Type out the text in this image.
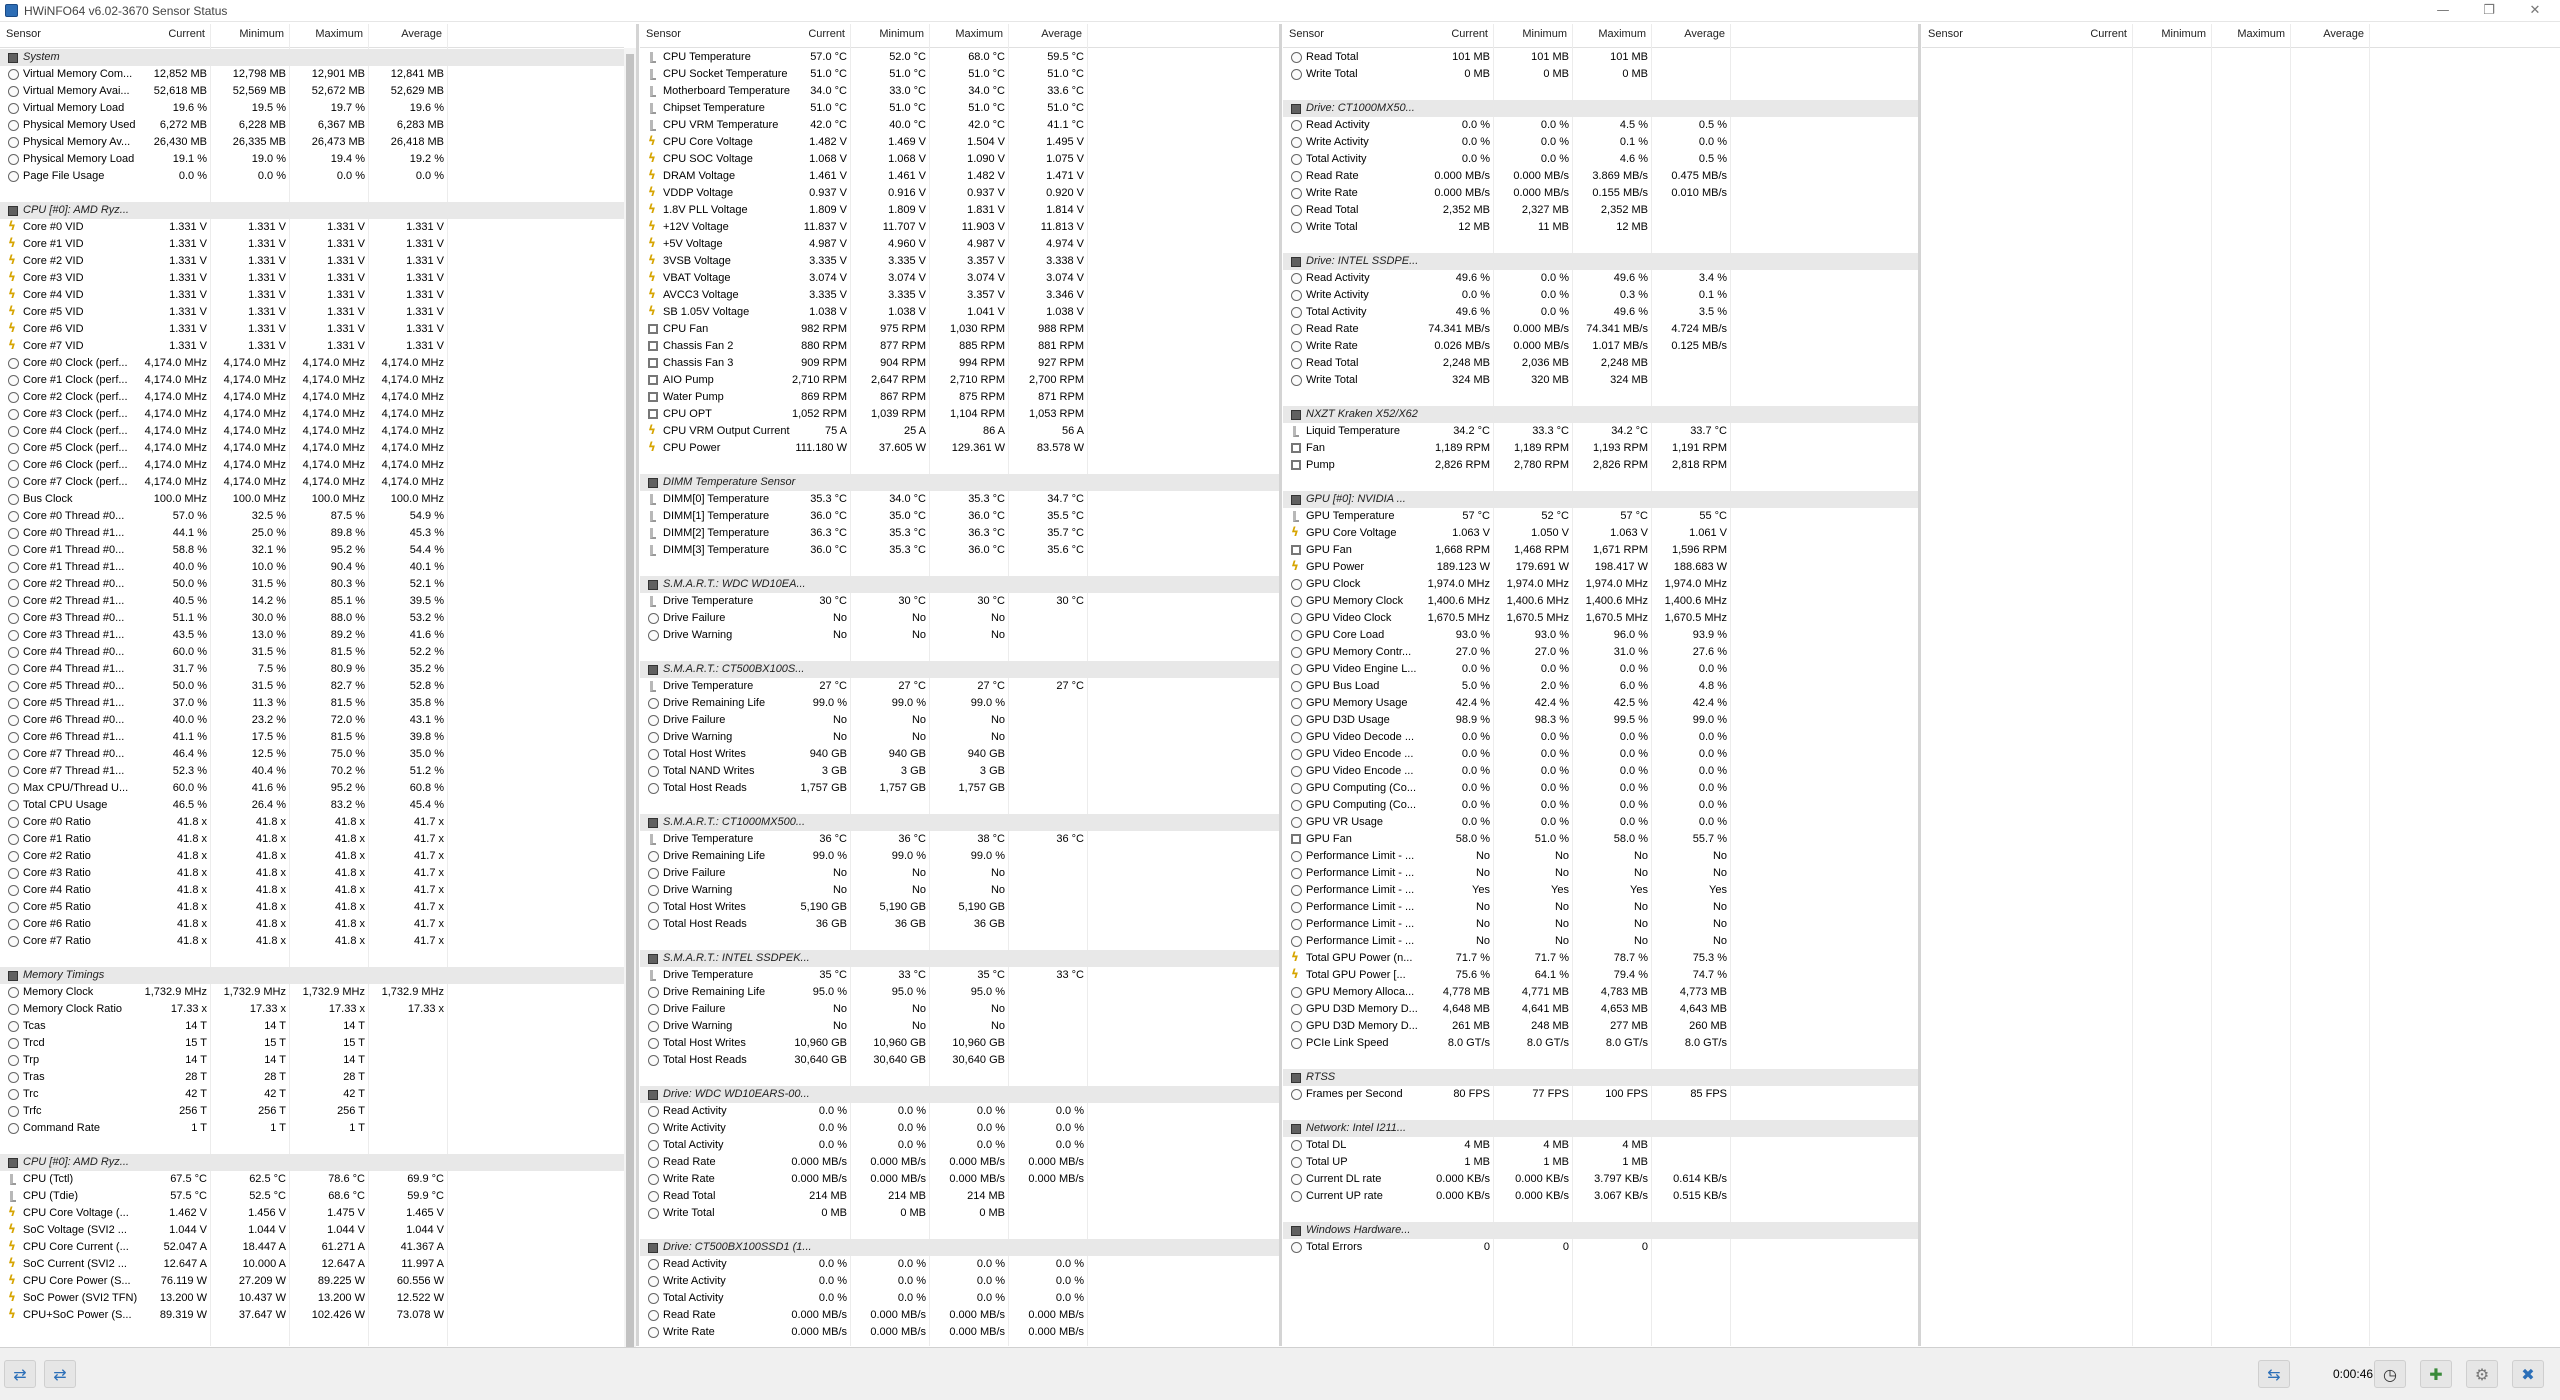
HWiNFO64 v6.02-3670 Sensor Status	—	❐	✕
Sensor	Current	Minimum	Maximum	Average
System
Virtual Memory Com...	12,852 MB	12,798 MB	12,901 MB	12,841 MB
Virtual Memory Avai...	52,618 MB	52,569 MB	52,672 MB	52,629 MB
Virtual Memory Load	19.6 %	19.5 %	19.7 %	19.6 %
Physical Memory Used	6,272 MB	6,228 MB	6,367 MB	6,283 MB
Physical Memory Av...	26,430 MB	26,335 MB	26,473 MB	26,418 MB
Physical Memory Load	19.1 %	19.0 %	19.4 %	19.2 %
Page File Usage	0.0 %	0.0 %	0.0 %	0.0 %
CPU [#0]: AMD Ryz...
ϟ Core #0 VID	1.331 V	1.331 V	1.331 V	1.331 V
ϟ Core #1 VID	1.331 V	1.331 V	1.331 V	1.331 V
ϟ Core #2 VID	1.331 V	1.331 V	1.331 V	1.331 V
ϟ Core #3 VID	1.331 V	1.331 V	1.331 V	1.331 V
ϟ Core #4 VID	1.331 V	1.331 V	1.331 V	1.331 V
ϟ Core #5 VID	1.331 V	1.331 V	1.331 V	1.331 V
ϟ Core #6 VID	1.331 V	1.331 V	1.331 V	1.331 V
ϟ Core #7 VID	1.331 V	1.331 V	1.331 V	1.331 V
Core #0 Clock (perf...	4,174.0 MHz	4,174.0 MHz	4,174.0 MHz	4,174.0 MHz
Core #1 Clock (perf...	4,174.0 MHz	4,174.0 MHz	4,174.0 MHz	4,174.0 MHz
Core #2 Clock (perf...	4,174.0 MHz	4,174.0 MHz	4,174.0 MHz	4,174.0 MHz
Core #3 Clock (perf...	4,174.0 MHz	4,174.0 MHz	4,174.0 MHz	4,174.0 MHz
Core #4 Clock (perf...	4,174.0 MHz	4,174.0 MHz	4,174.0 MHz	4,174.0 MHz
Core #5 Clock (perf...	4,174.0 MHz	4,174.0 MHz	4,174.0 MHz	4,174.0 MHz
Core #6 Clock (perf...	4,174.0 MHz	4,174.0 MHz	4,174.0 MHz	4,174.0 MHz
Core #7 Clock (perf...	4,174.0 MHz	4,174.0 MHz	4,174.0 MHz	4,174.0 MHz
Bus Clock	100.0 MHz	100.0 MHz	100.0 MHz	100.0 MHz
Core #0 Thread #0...	57.0 %	32.5 %	87.5 %	54.9 %
Core #0 Thread #1...	44.1 %	25.0 %	89.8 %	45.3 %
Core #1 Thread #0...	58.8 %	32.1 %	95.2 %	54.4 %
Core #1 Thread #1...	40.0 %	10.0 %	90.4 %	40.1 %
Core #2 Thread #0...	50.0 %	31.5 %	80.3 %	52.1 %
Core #2 Thread #1...	40.5 %	14.2 %	85.1 %	39.5 %
Core #3 Thread #0...	51.1 %	30.0 %	88.0 %	53.2 %
Core #3 Thread #1...	43.5 %	13.0 %	89.2 %	41.6 %
Core #4 Thread #0...	60.0 %	31.5 %	81.5 %	52.2 %
Core #4 Thread #1...	31.7 %	7.5 %	80.9 %	35.2 %
Core #5 Thread #0...	50.0 %	31.5 %	82.7 %	52.8 %
Core #5 Thread #1...	37.0 %	11.3 %	81.5 %	35.8 %
Core #6 Thread #0...	40.0 %	23.2 %	72.0 %	43.1 %
Core #6 Thread #1...	41.1 %	17.5 %	81.5 %	39.8 %
Core #7 Thread #0...	46.4 %	12.5 %	75.0 %	35.0 %
Core #7 Thread #1...	52.3 %	40.4 %	70.2 %	51.2 %
Max CPU/Thread U...	60.0 %	41.6 %	95.2 %	60.8 %
Total CPU Usage	46.5 %	26.4 %	83.2 %	45.4 %
Core #0 Ratio	41.8 x	41.8 x	41.8 x	41.7 x
Core #1 Ratio	41.8 x	41.8 x	41.8 x	41.7 x
Core #2 Ratio	41.8 x	41.8 x	41.8 x	41.7 x
Core #3 Ratio	41.8 x	41.8 x	41.8 x	41.7 x
Core #4 Ratio	41.8 x	41.8 x	41.8 x	41.7 x
Core #5 Ratio	41.8 x	41.8 x	41.8 x	41.7 x
Core #6 Ratio	41.8 x	41.8 x	41.8 x	41.7 x
Core #7 Ratio	41.8 x	41.8 x	41.8 x	41.7 x
Memory Timings
Memory Clock	1,732.9 MHz	1,732.9 MHz	1,732.9 MHz	1,732.9 MHz
Memory Clock Ratio	17.33 x	17.33 x	17.33 x	17.33 x
Tcas	14 T	14 T	14 T
Trcd	15 T	15 T	15 T
Trp	14 T	14 T	14 T
Tras	28 T	28 T	28 T
Trc	42 T	42 T	42 T
Trfc	256 T	256 T	256 T
Command Rate	1 T	1 T	1 T
CPU [#0]: AMD Ryz...
CPU (Tctl)	67.5 °C	62.5 °C	78.6 °C	69.9 °C
CPU (Tdie)	57.5 °C	52.5 °C	68.6 °C	59.9 °C
ϟ CPU Core Voltage (...	1.462 V	1.456 V	1.475 V	1.465 V
ϟ SoC Voltage (SVI2 ...	1.044 V	1.044 V	1.044 V	1.044 V
ϟ CPU Core Current (...	52.047 A	18.447 A	61.271 A	41.367 A
ϟ SoC Current (SVI2 ...	12.647 A	10.000 A	12.647 A	11.997 A
ϟ CPU Core Power (S...	76.119 W	27.209 W	89.225 W	60.556 W
ϟ SoC Power (SVI2 TFN)	13.200 W	10.437 W	13.200 W	12.522 W
ϟ CPU+SoC Power (S...	89.319 W	37.647 W	102.426 W	73.078 W
Sensor	Current	Minimum	Maximum	Average
CPU Temperature	57.0 °C	52.0 °C	68.0 °C	59.5 °C
CPU Socket Temperature	51.0 °C	51.0 °C	51.0 °C	51.0 °C
Motherboard Temperature	34.0 °C	33.0 °C	34.0 °C	33.6 °C
Chipset Temperature	51.0 °C	51.0 °C	51.0 °C	51.0 °C
CPU VRM Temperature	42.0 °C	40.0 °C	42.0 °C	41.1 °C
ϟ CPU Core Voltage	1.482 V	1.469 V	1.504 V	1.495 V
ϟ CPU SOC Voltage	1.068 V	1.068 V	1.090 V	1.075 V
ϟ DRAM Voltage	1.461 V	1.461 V	1.482 V	1.471 V
ϟ VDDP Voltage	0.937 V	0.916 V	0.937 V	0.920 V
ϟ 1.8V PLL Voltage	1.809 V	1.809 V	1.831 V	1.814 V
ϟ +12V Voltage	11.837 V	11.707 V	11.903 V	11.813 V
ϟ +5V Voltage	4.987 V	4.960 V	4.987 V	4.974 V
ϟ 3VSB Voltage	3.335 V	3.335 V	3.357 V	3.338 V
ϟ VBAT Voltage	3.074 V	3.074 V	3.074 V	3.074 V
ϟ AVCC3 Voltage	3.335 V	3.335 V	3.357 V	3.346 V
ϟ SB 1.05V Voltage	1.038 V	1.038 V	1.041 V	1.038 V
CPU Fan	982 RPM	975 RPM	1,030 RPM	988 RPM
Chassis Fan 2	880 RPM	877 RPM	885 RPM	881 RPM
Chassis Fan 3	909 RPM	904 RPM	994 RPM	927 RPM
AIO Pump	2,710 RPM	2,647 RPM	2,710 RPM	2,700 RPM
Water Pump	869 RPM	867 RPM	875 RPM	871 RPM
CPU OPT	1,052 RPM	1,039 RPM	1,104 RPM	1,053 RPM
ϟ CPU VRM Output Current	75 A	25 A	86 A	56 A
ϟ CPU Power	111.180 W	37.605 W	129.361 W	83.578 W
DIMM Temperature Sensor
DIMM[0] Temperature	35.3 °C	34.0 °C	35.3 °C	34.7 °C
DIMM[1] Temperature	36.0 °C	35.0 °C	36.0 °C	35.5 °C
DIMM[2] Temperature	36.3 °C	35.3 °C	36.3 °C	35.7 °C
DIMM[3] Temperature	36.0 °C	35.3 °C	36.0 °C	35.6 °C
S.M.A.R.T.: WDC WD10EA...
Drive Temperature	30 °C	30 °C	30 °C	30 °C
Drive Failure	No	No	No
Drive Warning	No	No	No
S.M.A.R.T.: CT500BX100S...
Drive Temperature	27 °C	27 °C	27 °C	27 °C
Drive Remaining Life	99.0 %	99.0 %	99.0 %
Drive Failure	No	No	No
Drive Warning	No	No	No
Total Host Writes	940 GB	940 GB	940 GB
Total NAND Writes	3 GB	3 GB	3 GB
Total Host Reads	1,757 GB	1,757 GB	1,757 GB
S.M.A.R.T.: CT1000MX500...
Drive Temperature	36 °C	36 °C	38 °C	36 °C
Drive Remaining Life	99.0 %	99.0 %	99.0 %
Drive Failure	No	No	No
Drive Warning	No	No	No
Total Host Writes	5,190 GB	5,190 GB	5,190 GB
Total Host Reads	36 GB	36 GB	36 GB
S.M.A.R.T.: INTEL SSDPEK...
Drive Temperature	35 °C	33 °C	35 °C	33 °C
Drive Remaining Life	95.0 %	95.0 %	95.0 %
Drive Failure	No	No	No
Drive Warning	No	No	No
Total Host Writes	10,960 GB	10,960 GB	10,960 GB
Total Host Reads	30,640 GB	30,640 GB	30,640 GB
Drive: WDC WD10EARS-00...
Read Activity	0.0 %	0.0 %	0.0 %	0.0 %
Write Activity	0.0 %	0.0 %	0.0 %	0.0 %
Total Activity	0.0 %	0.0 %	0.0 %	0.0 %
Read Rate	0.000 MB/s	0.000 MB/s	0.000 MB/s	0.000 MB/s
Write Rate	0.000 MB/s	0.000 MB/s	0.000 MB/s	0.000 MB/s
Read Total	214 MB	214 MB	214 MB
Write Total	0 MB	0 MB	0 MB
Drive: CT500BX100SSD1 (1...
Read Activity	0.0 %	0.0 %	0.0 %	0.0 %
Write Activity	0.0 %	0.0 %	0.0 %	0.0 %
Total Activity	0.0 %	0.0 %	0.0 %	0.0 %
Read Rate	0.000 MB/s	0.000 MB/s	0.000 MB/s	0.000 MB/s
Write Rate	0.000 MB/s	0.000 MB/s	0.000 MB/s	0.000 MB/s
Sensor	Current	Minimum	Maximum	Average
Read Total	101 MB	101 MB	101 MB
Write Total	0 MB	0 MB	0 MB
Drive: CT1000MX50...
Read Activity	0.0 %	0.0 %	4.5 %	0.5 %
Write Activity	0.0 %	0.0 %	0.1 %	0.0 %
Total Activity	0.0 %	0.0 %	4.6 %	0.5 %
Read Rate	0.000 MB/s	0.000 MB/s	3.869 MB/s	0.475 MB/s
Write Rate	0.000 MB/s	0.000 MB/s	0.155 MB/s	0.010 MB/s
Read Total	2,352 MB	2,327 MB	2,352 MB
Write Total	12 MB	11 MB	12 MB
Drive: INTEL SSDPE...
Read Activity	49.6 %	0.0 %	49.6 %	3.4 %
Write Activity	0.0 %	0.0 %	0.3 %	0.1 %
Total Activity	49.6 %	0.0 %	49.6 %	3.5 %
Read Rate	74.341 MB/s	0.000 MB/s	74.341 MB/s	4.724 MB/s
Write Rate	0.026 MB/s	0.000 MB/s	1.017 MB/s	0.125 MB/s
Read Total	2,248 MB	2,036 MB	2,248 MB
Write Total	324 MB	320 MB	324 MB
NXZT Kraken X52/X62
Liquid Temperature	34.2 °C	33.3 °C	34.2 °C	33.7 °C
Fan	1,189 RPM	1,189 RPM	1,193 RPM	1,191 RPM
Pump	2,826 RPM	2,780 RPM	2,826 RPM	2,818 RPM
GPU [#0]: NVIDIA ...
GPU Temperature	57 °C	52 °C	57 °C	55 °C
ϟ GPU Core Voltage	1.063 V	1.050 V	1.063 V	1.061 V
GPU Fan	1,668 RPM	1,468 RPM	1,671 RPM	1,596 RPM
ϟ GPU Power	189.123 W	179.691 W	198.417 W	188.683 W
GPU Clock	1,974.0 MHz	1,974.0 MHz	1,974.0 MHz	1,974.0 MHz
GPU Memory Clock	1,400.6 MHz	1,400.6 MHz	1,400.6 MHz	1,400.6 MHz
GPU Video Clock	1,670.5 MHz	1,670.5 MHz	1,670.5 MHz	1,670.5 MHz
GPU Core Load	93.0 %	93.0 %	96.0 %	93.9 %
GPU Memory Contr...	27.0 %	27.0 %	31.0 %	27.6 %
GPU Video Engine L...	0.0 %	0.0 %	0.0 %	0.0 %
GPU Bus Load	5.0 %	2.0 %	6.0 %	4.8 %
GPU Memory Usage	42.4 %	42.4 %	42.5 %	42.4 %
GPU D3D Usage	98.9 %	98.3 %	99.5 %	99.0 %
GPU Video Decode ...	0.0 %	0.0 %	0.0 %	0.0 %
GPU Video Encode ...	0.0 %	0.0 %	0.0 %	0.0 %
GPU Video Encode ...	0.0 %	0.0 %	0.0 %	0.0 %
GPU Computing (Co...	0.0 %	0.0 %	0.0 %	0.0 %
GPU Computing (Co...	0.0 %	0.0 %	0.0 %	0.0 %
GPU VR Usage	0.0 %	0.0 %	0.0 %	0.0 %
GPU Fan	58.0 %	51.0 %	58.0 %	55.7 %
Performance Limit - ...	No	No	No	No
Performance Limit - ...	No	No	No	No
Performance Limit - ...	Yes	Yes	Yes	Yes
Performance Limit - ...	No	No	No	No
Performance Limit - ...	No	No	No	No
Performance Limit - ...	No	No	No	No
ϟ Total GPU Power (n...	71.7 %	71.7 %	78.7 %	75.3 %
ϟ Total GPU Power [...	75.6 %	64.1 %	79.4 %	74.7 %
GPU Memory Alloca...	4,778 MB	4,771 MB	4,783 MB	4,773 MB
GPU D3D Memory D...	4,648 MB	4,641 MB	4,653 MB	4,643 MB
GPU D3D Memory D...	261 MB	248 MB	277 MB	260 MB
PCIe Link Speed	8.0 GT/s	8.0 GT/s	8.0 GT/s	8.0 GT/s
RTSS
Frames per Second	80 FPS	77 FPS	100 FPS	85 FPS
Network: Intel I211...
Total DL	4 MB	4 MB	4 MB
Total UP	1 MB	1 MB	1 MB
Current DL rate	0.000 KB/s	0.000 KB/s	3.797 KB/s	0.614 KB/s
Current UP rate	0.000 KB/s	0.000 KB/s	3.067 KB/s	0.515 KB/s
Windows Hardware...
Total Errors	0	0	0
Sensor	Current	Minimum	Maximum	Average
⇄	⇄	⇆	0:00:46 ◷	✚	⚙	✖
